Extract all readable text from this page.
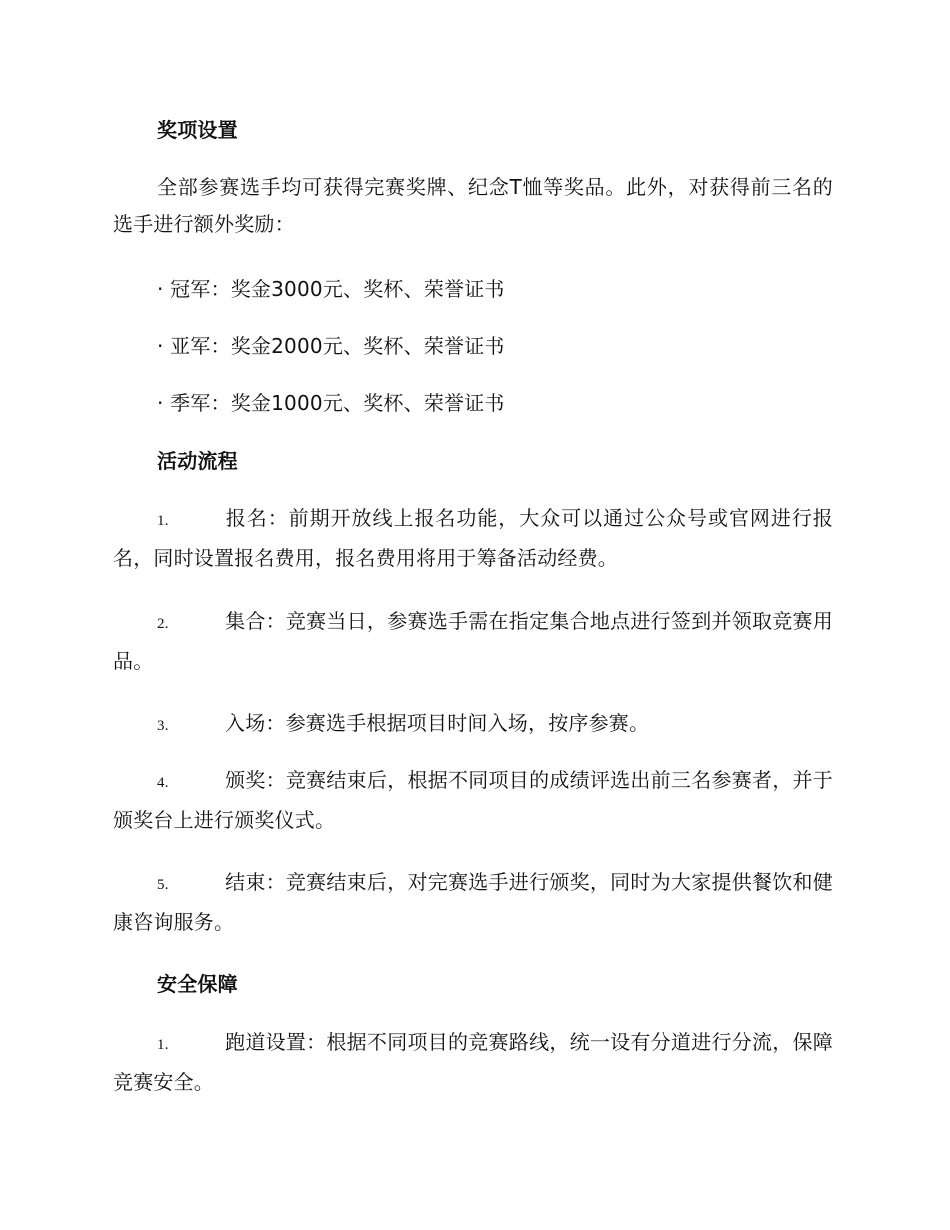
奖项设置
全部参赛选手均可获得完赛奖牌、纪念T恤等奖品。此外，对获得前三名的选手进行额外奖励：
· 冠军：奖金3000元、奖杯、荣誉证书
· 亚军：奖金2000元、奖杯、荣誉证书
· 季军：奖金1000元、奖杯、荣誉证书
活动流程
1.	报名：前期开放线上报名功能，大众可以通过公众号或官网进行报名，同时设置报名费用，报名费用将用于筹备活动经费。
2.	集合：竞赛当日，参赛选手需在指定集合地点进行签到并领取竞赛用品。
3.	入场：参赛选手根据项目时间入场，按序参赛。
4.	颁奖：竞赛结束后，根据不同项目的成绩评选出前三名参赛者，并于颁奖台上进行颁奖仪式。
5.	结束：竞赛结束后，对完赛选手进行颁奖，同时为大家提供餐饮和健康咨询服务。
安全保障
1.	跑道设置：根据不同项目的竞赛路线，统一设有分道进行分流，保障竞赛安全。
